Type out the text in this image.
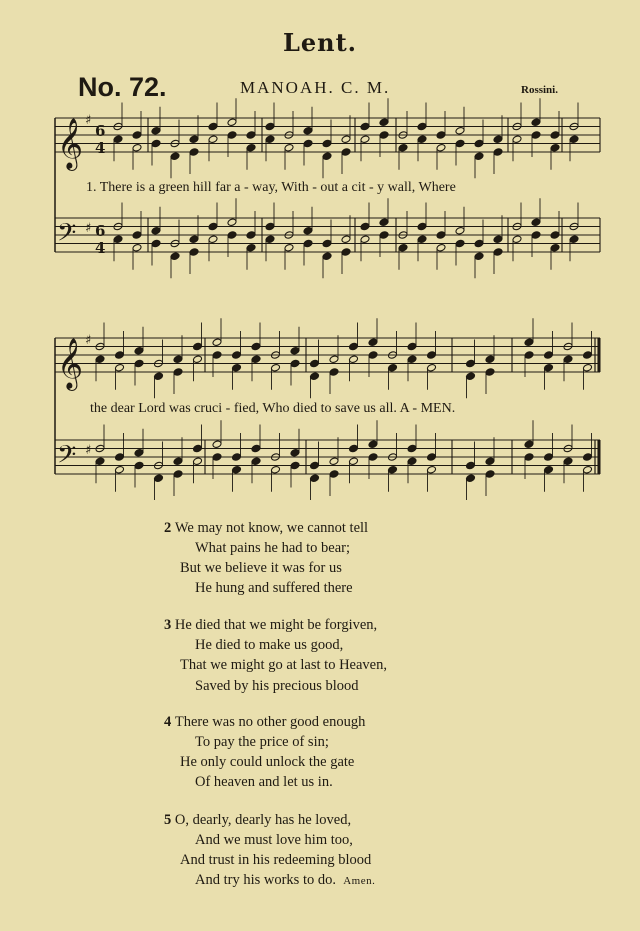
Lent.
No. 72.	MANOAH. C. M.	Rossini.
𝄞 ♯
6
4
𝄢 ♯ 6
4
𝄞 ♯
𝄢 ♯
1. There is a green hill far a - way, With - out a cit - y wall, Where
the dear Lord was cruci - fied, Who died to save us all. A - MEN.
2 We may not know, we cannot tell
What pains he had to bear;
But we believe it was for us
He hung and suffered there
3 He died that we might be forgiven,
He died to make us good,
That we might go at last to Heaven,
Saved by his precious blood
4 There was no other good enough
To pay the price of sin;
He only could unlock the gate
Of heaven and let us in.
5 O, dearly, dearly has he loved,
And we must love him too,
And trust in his redeeming blood
And try his works to do. Amen.
